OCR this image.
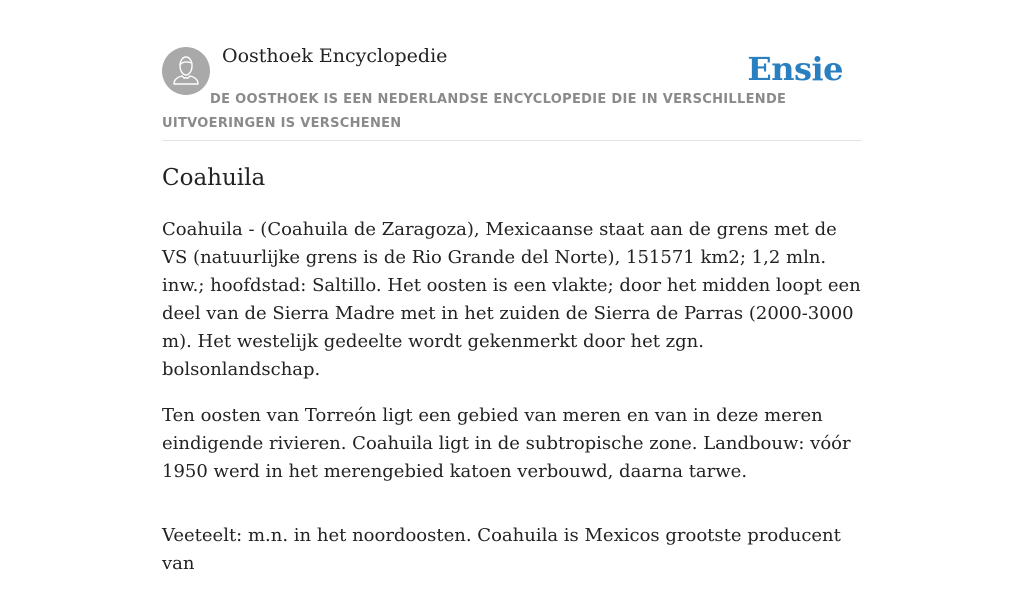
Oosthoek Encyclopedie	Ensie
DE OOSTHOEK IS EEN NEDERLANDSE ENCYCLOPEDIE DIE IN VERSCHILLENDE UITVOERINGEN IS VERSCHENEN
Coahuila

Coahuila - (Coahuila de Zaragoza), Mexicaanse staat aan de grens met de VS (natuurlijke grens is de Rio Grande del Norte), 151571 km2; 1,2 mln. inw.; hoofdstad: Saltillo. Het oosten is een vlakte; door het midden loopt een deel van de Sierra Madre met in het zuiden de Sierra de Parras (2000-3000 m). Het westelijk gedeelte wordt gekenmerkt door het zgn. bolsonlandschap.

Ten oosten van Torreón ligt een gebied van meren en van in deze meren eindigende rivieren. Coahuila ligt in de subtropische zone. Landbouw: vóór 1950 werd in het merengebied katoen verbouwd, daarna tarwe.

Veeteelt: m.n. in het noordoosten. Coahuila is Mexicos grootste producent van
